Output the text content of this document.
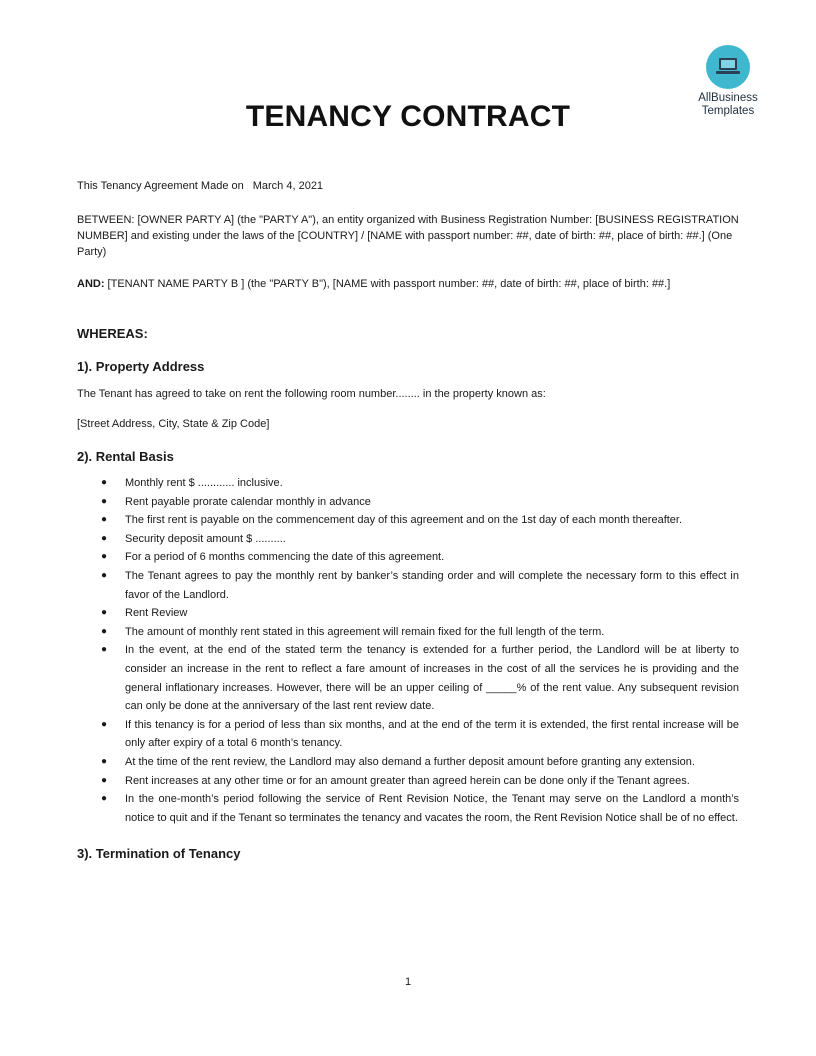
AllBusiness
Templates
TENANCY CONTRACT

This Tenancy Agreement Made on March 4, 2021

BETWEEN: [OWNER PARTY A] (the "PARTY A"), an entity organized with Business Registration Number: [BUSINESS REGISTRATION NUMBER] and existing under the laws of the [COUNTRY] / [NAME with passport number: ##, date of birth: ##, place of birth: ##.] (One Party)

AND: [TENANT NAME PARTY B ] (the "PARTY B"), [NAME with passport number: ##, date of birth: ##, place of birth: ##.]

WHEREAS:
1). Property Address

The Tenant has agreed to take on rent the following room number........ in the property known as:

[Street Address, City, State & Zip Code]

2). Rental Basis
● Monthly rent $ ............ inclusive.
● Rent payable prorate calendar monthly in advance
● The first rent is payable on the commencement day of this agreement and on the 1st day of each month thereafter.
● Security deposit amount $ ..........
● For a period of 6 months commencing the date of this agreement.
● The Tenant agrees to pay the monthly rent by banker’s standing order and will complete the necessary form to this effect in favor of the Landlord.
● Rent Review
● The amount of monthly rent stated in this agreement will remain fixed for the full length of the term.
● In the event, at the end of the stated term the tenancy is extended for a further period, the Landlord will be at liberty to consider an increase in the rent to reflect a fare amount of increases in the cost of all the services he is providing and the general inflationary increases. However, there will be an upper ceiling of _____% of the rent value. Any subsequent revision can only be done at the anniversary of the last rent review date.
● If this tenancy is for a period of less than six months, and at the end of the term it is extended, the first rental increase will be only after expiry of a total 6 month’s tenancy.
● At the time of the rent review, the Landlord may also demand a further deposit amount before granting any extension.
● Rent increases at any other time or for an amount greater than agreed herein can be done only if the Tenant agrees.
● In the one-month’s period following the service of Rent Revision Notice, the Tenant may serve on the Landlord a month’s notice to quit and if the Tenant so terminates the tenancy and vacates the room, the Rent Revision Notice shall be of no effect.
3). Termination of Tenancy
1
